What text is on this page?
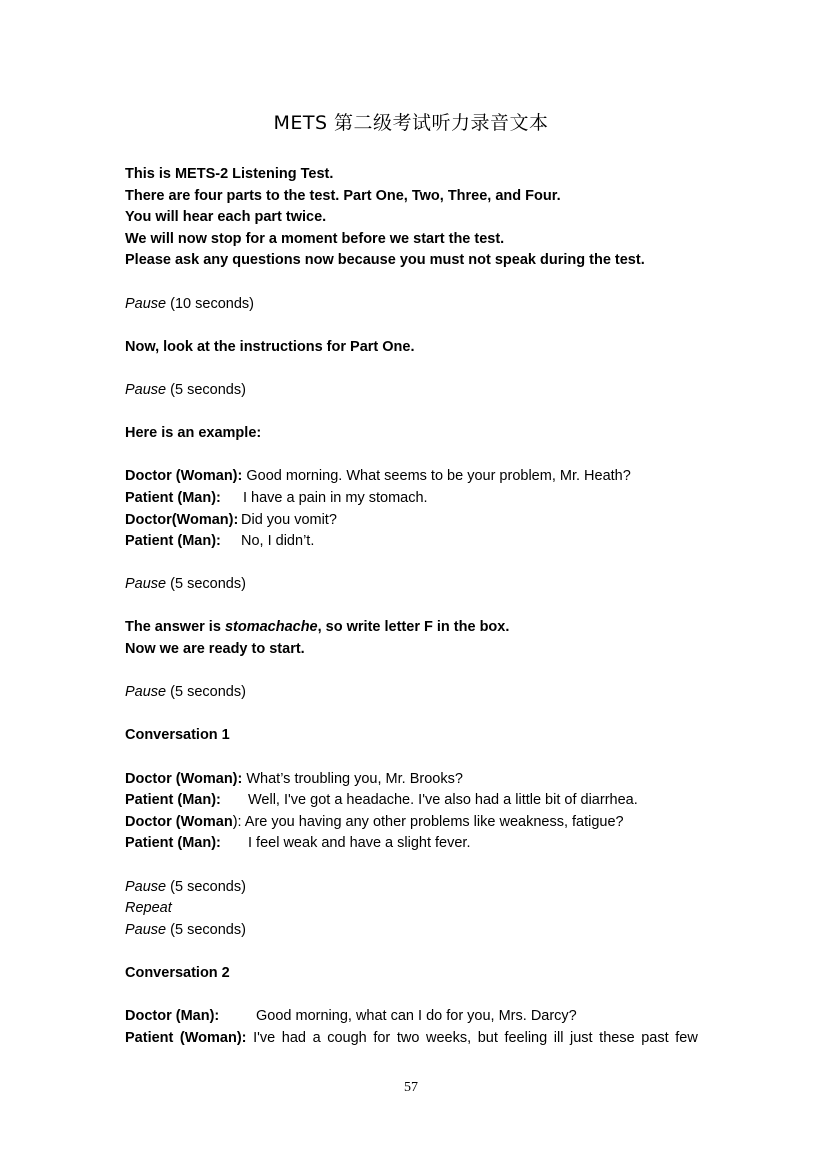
METS 第二级考试听力录音文本
This is METS-2 Listening Test.
There are four parts to the test. Part One, Two, Three, and Four.
You will hear each part twice.
We will now stop for a moment before we start the test.
Please ask any questions now because you must not speak during the test.
Pause (10 seconds)
Now, look at the instructions for Part One.
Pause (5 seconds)
Here is an example:
Doctor (Woman): Good morning. What seems to be your problem, Mr. Heath?
Patient (Man): I have a pain in my stomach.
Doctor(Woman): Did you vomit?
Patient (Man): No, I didn’t.
Pause (5 seconds)
The answer is stomachache, so write letter F in the box.
Now we are ready to start.
Pause (5 seconds)
Conversation 1
Doctor (Woman): What’s troubling you, Mr. Brooks?
Patient (Man): Well, I've got a headache. I've also had a little bit of diarrhea.
Doctor (Woman): Are you having any other problems like weakness, fatigue?
Patient (Man): I feel weak and have a slight fever.
Pause (5 seconds)
Repeat
Pause (5 seconds)
Conversation 2
Doctor (Man):	Good morning, what can I do for you, Mrs. Darcy?
Patient (Woman): I've had a cough for two weeks, but feeling ill just these past few
57
